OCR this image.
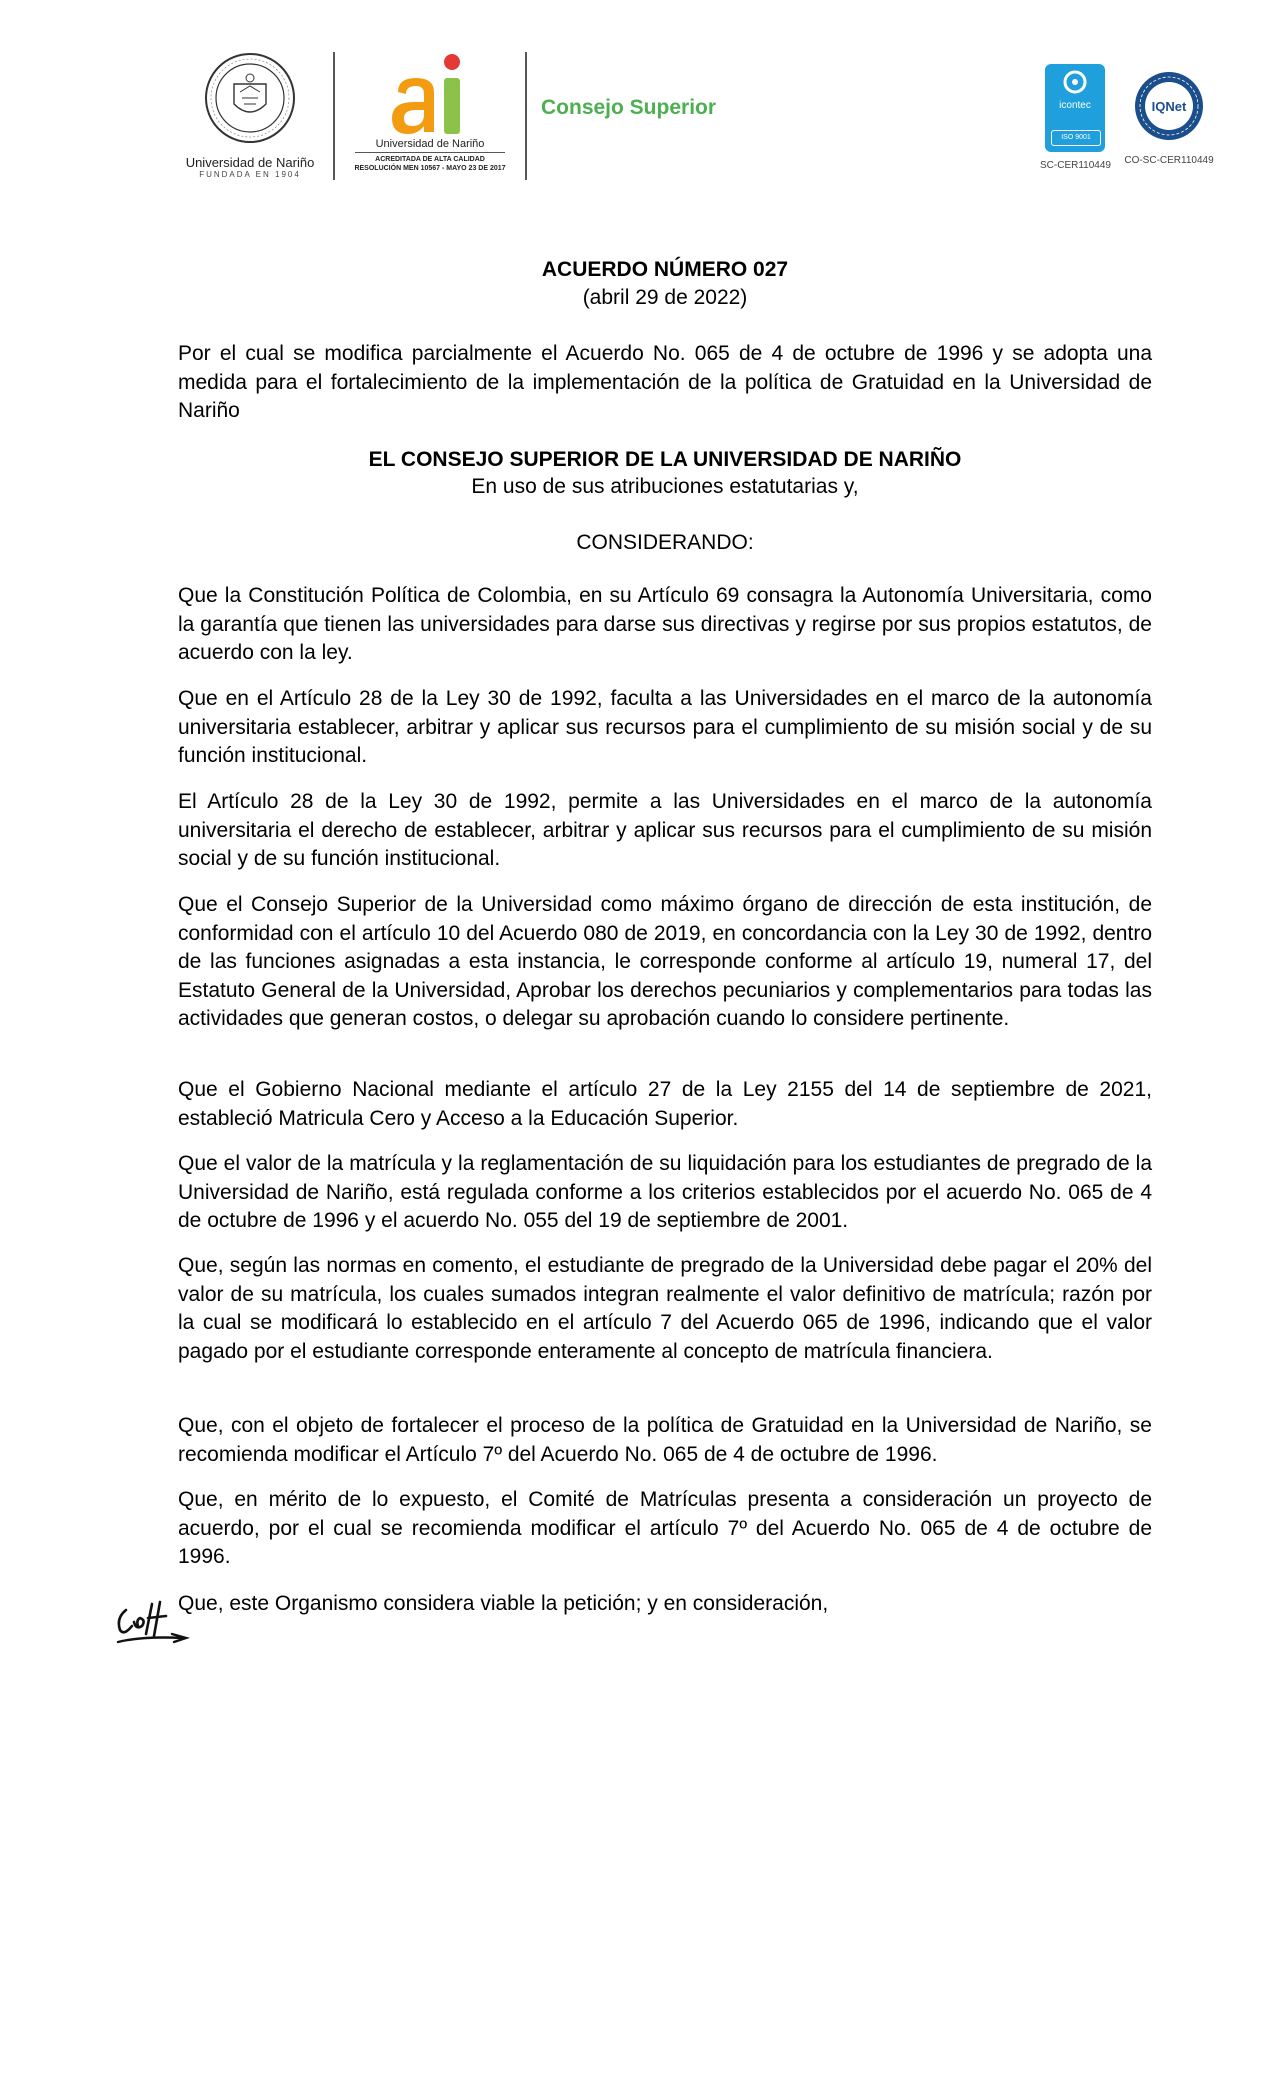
Universidad de Nariño
FUNDADA EN 1904
Universidad de Nariño
ACREDITADA DE ALTA CALIDAD
RESOLUCIÓN MEN 10567 - MAYO 23 DE 2017
Consejo Superior	icontec
ISO 9001
SC-CER110449
IQNet
CO-SC-CER110449
ACUERDO NÚMERO 027
(abril 29 de 2022)

Por el cual se modifica parcialmente el Acuerdo No. 065 de 4 de octubre de 1996 y se adopta una medida para el fortalecimiento de la implementación de la política de Gratuidad en la Universidad de Nariño

EL CONSEJO SUPERIOR DE LA UNIVERSIDAD DE NARIÑO

En uso de sus atribuciones estatutarias y,

CONSIDERANDO:

Que la Constitución Política de Colombia, en su Artículo 69 consagra la Autonomía Universitaria, como la garantía que tienen las universidades para darse sus directivas y regirse por sus propios estatutos, de acuerdo con la ley.

Que en el Artículo 28 de la Ley 30 de 1992, faculta a las Universidades en el marco de la autonomía universitaria establecer, arbitrar y aplicar sus recursos para el cumplimiento de su misión social y de su función institucional.

El Artículo 28 de la Ley 30 de 1992, permite a las Universidades en el marco de la autonomía universitaria el derecho de establecer, arbitrar y aplicar sus recursos para el cumplimiento de su misión social y de su función institucional.

Que el Consejo Superior de la Universidad como máximo órgano de dirección de esta institución, de conformidad con el artículo 10 del Acuerdo 080 de 2019, en concordancia con la Ley 30 de 1992, dentro de las funciones asignadas a esta instancia, le corresponde conforme al artículo 19, numeral 17, del Estatuto General de la Universidad, Aprobar los derechos pecuniarios y complementarios para todas las actividades que generan costos, o delegar su aprobación cuando lo considere pertinente.

Que el Gobierno Nacional mediante el artículo 27 de la Ley 2155 del 14 de septiembre de 2021, estableció Matricula Cero y Acceso a la Educación Superior.

Que el valor de la matrícula y la reglamentación de su liquidación para los estudiantes de pregrado de la Universidad de Nariño, está regulada conforme a los criterios establecidos por el acuerdo No. 065 de 4 de octubre de 1996 y el acuerdo No. 055 del 19 de septiembre de 2001.

Que, según las normas en comento, el estudiante de pregrado de la Universidad debe pagar el 20% del valor de su matrícula, los cuales sumados integran realmente el valor definitivo de matrícula; razón por la cual se modificará lo establecido en el artículo 7 del Acuerdo 065 de 1996, indicando que el valor pagado por el estudiante corresponde enteramente al concepto de matrícula financiera.

Que, con el objeto de fortalecer el proceso de la política de Gratuidad en la Universidad de Nariño, se recomienda modificar el Artículo 7º del Acuerdo No. 065 de 4 de octubre de 1996.

Que, en mérito de lo expuesto, el Comité de Matrículas presenta a consideración un proyecto de acuerdo, por el cual se recomienda modificar el artículo 7º del Acuerdo No. 065 de 4 de octubre de 1996.

Que, este Organismo considera viable la petición; y en consideración,
